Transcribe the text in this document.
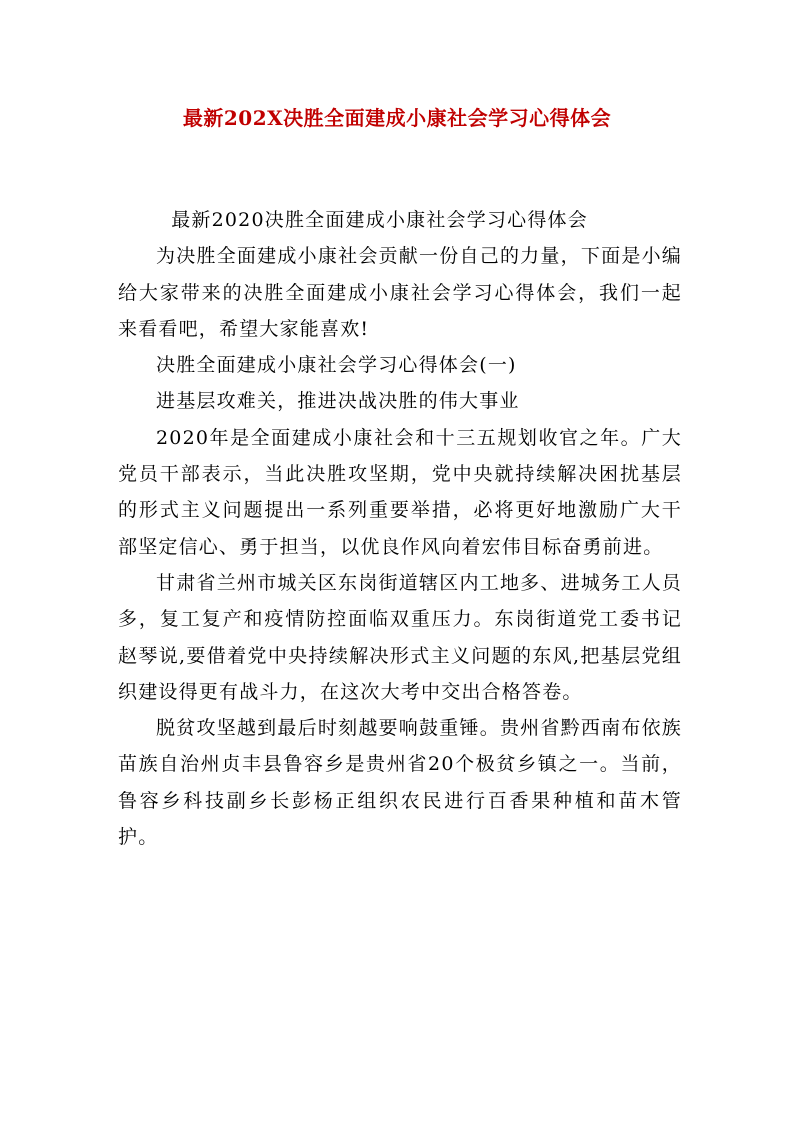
最新202X决胜全面建成小康社会学习心得体会

最新2020决胜全面建成小康社会学习心得体会

为决胜全面建成小康社会贡献一份自己的力量，下面是小编给大家带来的决胜全面建成小康社会学习心得体会，我们一起来看看吧，希望大家能喜欢!

决胜全面建成小康社会学习心得体会(一)

进基层攻难关，推进决战决胜的伟大事业

2020年是全面建成小康社会和十三五规划收官之年。广大党员干部表示，当此决胜攻坚期，党中央就持续解决困扰基层的形式主义问题提出一系列重要举措，必将更好地激励广大干部坚定信心、勇于担当，以优良作风向着宏伟目标奋勇前进。

甘肃省兰州市城关区东岗街道辖区内工地多、进城务工人员多，复工复产和疫情防控面临双重压力。东岗街道党工委书记赵琴说,要借着党中央持续解决形式主义问题的东风,把基层党组织建设得更有战斗力，在这次大考中交出合格答卷。

脱贫攻坚越到最后时刻越要响鼓重锤。贵州省黔西南布依族苗族自治州贞丰县鲁容乡是贵州省20个极贫乡镇之一。当前，鲁容乡科技副乡长彭杨正组织农民进行百香果种植和苗木管护。
